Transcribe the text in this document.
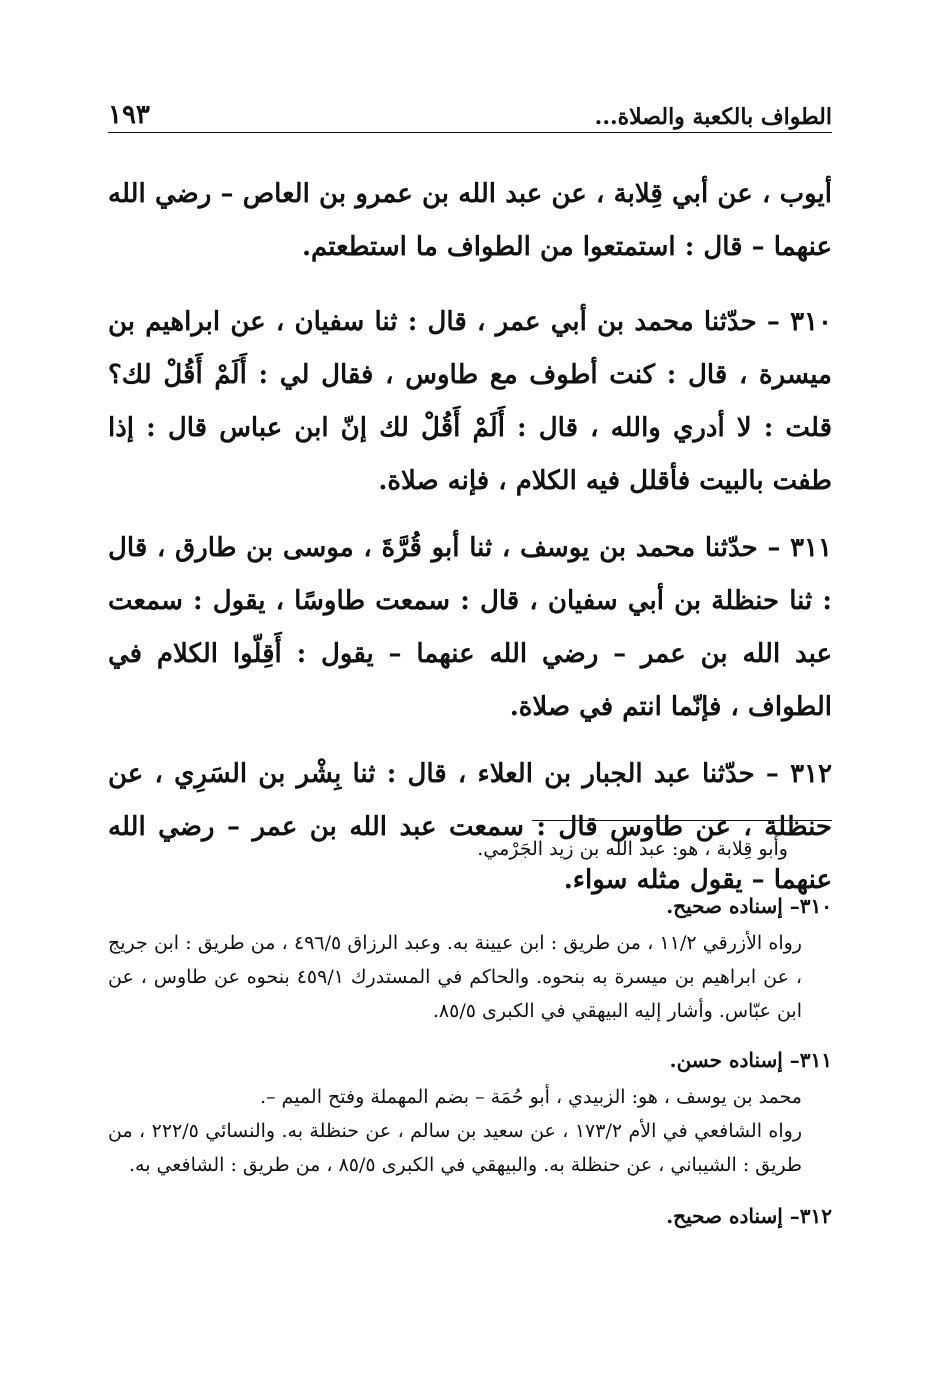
الطواف بالكعبة والصلاة...
١٩٣

أيوب ، عن أبي قِلابة ، عن عبد الله بن عمرو بن العاص – رضي الله عنهما – قال : استمتعوا من الطواف ما استطعتم.

٣١٠ – حدّثنا محمد بن أبي عمر ، قال : ثنا سفيان ، عن ابراهيم بن ميسرة ، قال : كنت أطوف مع طاوس ، فقال لي : أَلَمْ أَقُلْ لك؟ قلت : لا أدري والله ، قال : أَلَمْ أَقُلْ لك إنّ ابن عباس قال : إذا طفت بالبيت فأقلل فيه الكلام ، فإنه صلاة.

٣١١ – حدّثنا محمد بن يوسف ، ثنا أبو قُرَّةَ ، موسى بن طارق ، قال : ثنا حنظلة بن أبي سفيان ، قال : سمعت طاوسًا ، يقول : سمعت عبد الله بن عمر – رضي الله عنهما – يقول : أَقِلّوا الكلام في الطواف ، فإنّما انتم في صلاة.

٣١٢ – حدّثنا عبد الجبار بن العلاء ، قال : ثنا بِشْر بن السَرِي ، عن حنظلة ، عن طاوس قال : سمعت عبد الله بن عمر – رضي الله عنهما – يقول مثله سواء.

وأبو قِلابة ، هو: عبد الله بن زيد الجَرْمي.

٣١٠– إسناده صحيح.

رواه الأزرقي ١١/٢ ، من طريق : ابن عيينة به. وعبد الرزاق ٤٩٦/٥ ، من طريق : ابن جريج ، عن ابراهيم بن ميسرة به بنحوه. والحاكم في المستدرك ٤٥٩/١ بنحوه عن طاوس ، عن ابن عبّاس. وأشار إليه البيهقي في الكبرى ٨٥/٥.

٣١١– إسناده حسن.

محمد بن يوسف ، هو: الزبيدي ، أبو حُمَة – بضم المهملة وفتح الميم –.

رواه الشافعي في الأم ١٧٣/٢ ، عن سعيد بن سالم ، عن حنظلة به. والنسائي ٢٢٢/٥ ، من طريق : الشيباني ، عن حنظلة به. والبيهقي في الكبرى ٨٥/٥ ، من طريق : الشافعي به.

٣١٢– إسناده صحيح.
